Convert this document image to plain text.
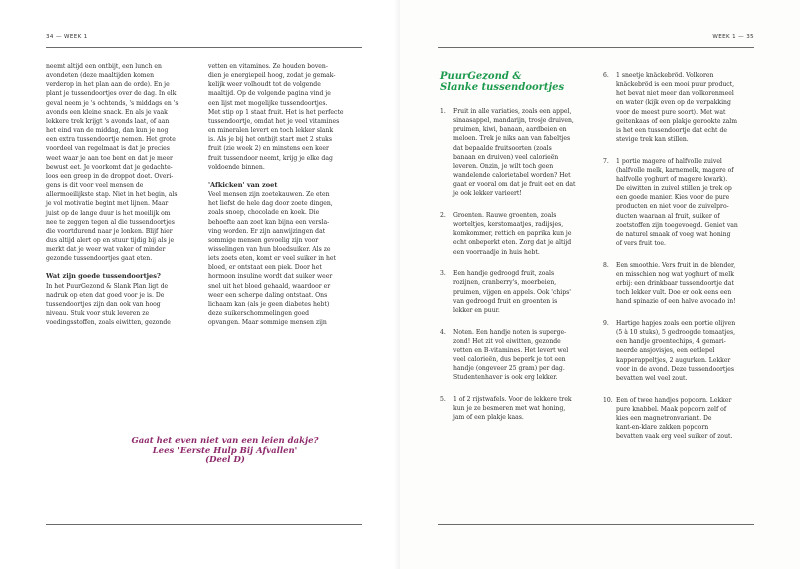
34 — WEEK 1

neemt altijd een ontbijt, een lunch en

avondeten (deze maaltijden komen

verderop in het plan aan de orde). En je

plant je tussendoortjes over de dag. In elk

geval neem je 's ochtends, 's middags en 's

avonds een kleine snack. En als je vaak

lekkere trek krijgt 's avonds laat, of aan

het eind van de middag, dan kun je nog

een extra tussendoortje nemen. Het grote

voordeel van regelmaat is dat je precies

weet waar je aan toe bent en dat je meer

bewust eet. Je voorkomt dat je gedachte-

loos een greep in de droppot doet. Overi-

gens is dit voor veel mensen de

allermoeilijkste stap. Niet in het begin, als

je vol motivatie begint met lijnen. Maar

juist op de lange duur is het moeilijk om

nee te zeggen tegen al die tussendoortjes

die voortdurend naar je lonken. Blijf hier

dus altijd alert op en stuur tijdig bij als je

merkt dat je weer wat vaker of minder

gezonde tussendoortjes gaat eten.

Wat zijn goede tussendoortjes?

In het PuurGezond & Slank Plan ligt de

nadruk op eten dat goed voor je is. De

tussendoortjes zijn dan ook van hoog

niveau. Stuk voor stuk leveren ze

voedingsstoffen, zoals eiwitten, gezonde

vetten en vitamines. Ze houden boven-

dien je energiepeil hoog, zodat je gemak-

kelijk weer volhoudt tot de volgende

maaltijd. Op de volgende pagina vind je

een lijst met mogelijke tussendoortjes.

Met stip op 1 staat fruit. Het is het perfecte

tussendoortje, omdat het je veel vitamines

en mineralen levert en toch lekker slank

is. Als je bij het ontbijt start met 2 stuks

fruit (zie week 2) en minstens een keer

fruit tussendoor neemt, krijg je elke dag

voldoende binnen.

'Afkicken' van zoet

Veel mensen zijn zoetekauwen. Ze eten

het liefst de hele dag door zoete dingen,

zoals snoep, chocolade en koek. Die

behoefte aan zoet kan bijna een versla-

ving worden. Er zijn aanwijzingen dat

sommige mensen gevoelig zijn voor

wisselingen van hun bloedsuiker. Als ze

iets zoets eten, komt er veel suiker in het

bloed, er ontstaat een piek. Door het

hormoon insuline wordt dat suiker weer

snel uit het bloed gehaald, waardoor er

weer een scherpe daling ontstaat. Ons

lichaam kan (als je geen diabetes hebt)

deze suikerschommelingen goed

opvangen. Maar sommige mensen zijn

Gaat het even niet van een leien dakje?

Lees 'Eerste Hulp Bij Afvallen'

(Deel D)

WEEK 1 — 35

PuurGezond &

Slanke tussendoortjes

1. Fruit in alle variaties, zoals een appel,

sinaasappel, mandarijn, trosje druiven,

pruimen, kiwi, banaan, aardbeien en

meloen. Trek je niks aan van fabeltjes

dat bepaalde fruitsoorten (zoals

banaan en druiven) veel calorieën

leveren. Onzin, je wilt toch geen

wandelende calorietabel worden? Het

gaat er vooral om dat je fruit eet en dat

je ook lekker varieert!

2. Groenten. Rauwe groenten, zoals

worteltjes, kerstomaatjes, radijsjes,

komkommer, rettich en paprika kun je

echt onbeperkt eten. Zorg dat je altijd

een voorraadje in huis hebt.

3. Een handje gedroogd fruit, zoals

rozijnen, cranberry's, moerbeien,

pruimen, vijgen en appels. Ook 'chips'

van gedroogd fruit en groenten is

lekker en puur.

4. Noten. Een handje noten is superge-

zond! Het zit vol eiwitten, gezonde

vetten en B-vitamines. Het levert wel

veel calorieën, dus beperk je tot een

handje (ongeveer 25 gram) per dag.

Studentenhaver is ook erg lekker.

5. 1 of 2 rijstwafels. Voor de lekkere trek

kun je ze besmeren met wat honing,

jam of een plakje kaas.

6. 1 sneetje knäckebröd. Volkoren

knäckebröd is een mooi puur product,

het bevat niet meer dan volkorenmeel

en water (kijk even op de verpakking

voor de meest pure soort). Met wat

geitenkaas of een plakje gerookte zalm

is het een tussendoortje dat echt de

stevige trek kan stillen.

7. 1 portie magere of halfvolle zuivel

(halfvolle melk, karnemelk, magere of

halfvolle yoghurt of magere kwark).

De eiwitten in zuivel stillen je trek op

een goede manier. Kies voor de pure

producten en niet voor de zuivelpro-

ducten waaraan al fruit, suiker of

zoetstoffen zijn toegevoegd. Geniet van

de naturel smaak of voeg wat honing

of vers fruit toe.

8. Een smoothie. Vers fruit in de blender,

en misschien nog wat yoghurt of melk

erbij: een drinkbaar tussendoortje dat

toch lekker vult. Doe er ook eens een

hand spinazie of een halve avocado in!

9. Hartige hapjes zoals een portie olijven

(5 à 10 stuks), 5 gedroogde tomaatjes,

een handje groentechips, 4 gemari-

neerde ansjovisjes, een eetlepel

kapperappeltjes, 2 augurken. Lekker

voor in de avond. Deze tussendoortjes

bevatten wel veel zout.

10. Een of twee handjes popcorn. Lekker

pure knabbel. Maak popcorn zelf of

kies een magnetronvariant. De

kant-en-klare zakken popcorn

bevatten vaak erg veel suiker of zout.
